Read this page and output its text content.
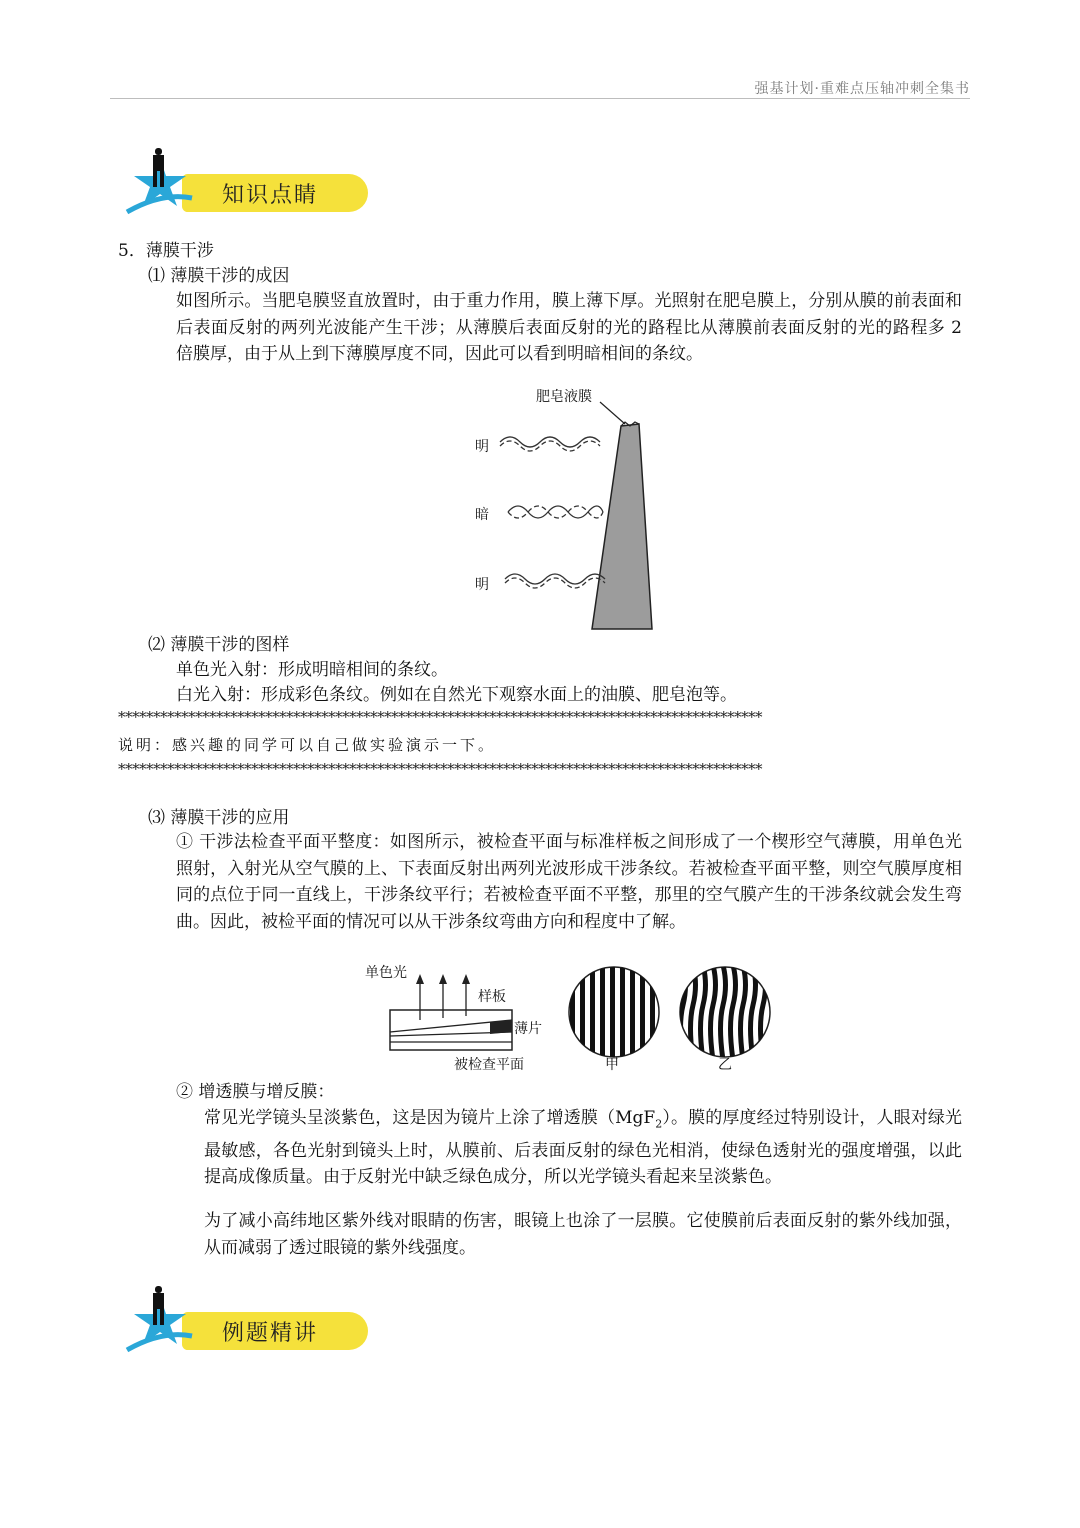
强基计划·重难点压轴冲刺全集书
知识点睛
5．薄膜干涉
⑴ 薄膜干涉的成因
如图所示。当肥皂膜竖直放置时，由于重力作用，膜上薄下厚。光照射在肥皂膜上，分别从膜的前表面和后表面反射的两列光波能产生干涉；从薄膜后表面反射的光的路程比从薄膜前表面反射的光的路程多 2 倍膜厚，由于从上到下薄膜厚度不同，因此可以看到明暗相间的条纹。
肥皂液膜
明
暗
明
⑵ 薄膜干涉的图样
单色光入射：形成明暗相间的条纹。
白光入射：形成彩色条纹。例如在自然光下观察水面上的油膜、肥皂泡等。
********************************************************************************************
说明：感兴趣的同学可以自己做实验演示一下。
********************************************************************************************
⑶ 薄膜干涉的应用
① 干涉法检查平面平整度：如图所示，被检查平面与标准样板之间形成了一个楔形空气薄膜，用单色光照射，入射光从空气膜的上、下表面反射出两列光波形成干涉条纹。若被检查平面平整，则空气膜厚度相同的点位于同一直线上，干涉条纹平行；若被检查平面不平整，那里的空气膜产生的干涉条纹就会发生弯曲。因此，被检平面的情况可以从干涉条纹弯曲方向和程度中了解。
单色光
样板
薄片
被检查平面	甲	乙
② 增透膜与增反膜：
常见光学镜头呈淡紫色，这是因为镜片上涂了增透膜（MgF$_2$）。膜的厚度经过特别设计，人眼对绿光最敏感，各色光射到镜头上时，从膜前、后表面反射的绿色光相消，使绿色透射光的强度增强，以此提高成像质量。由于反射光中缺乏绿色成分，所以光学镜头看起来呈淡紫色。
为了减小高纬地区紫外线对眼睛的伤害，眼镜上也涂了一层膜。它使膜前后表面反射的紫外线加强，从而减弱了透过眼镜的紫外线强度。
例题精讲
